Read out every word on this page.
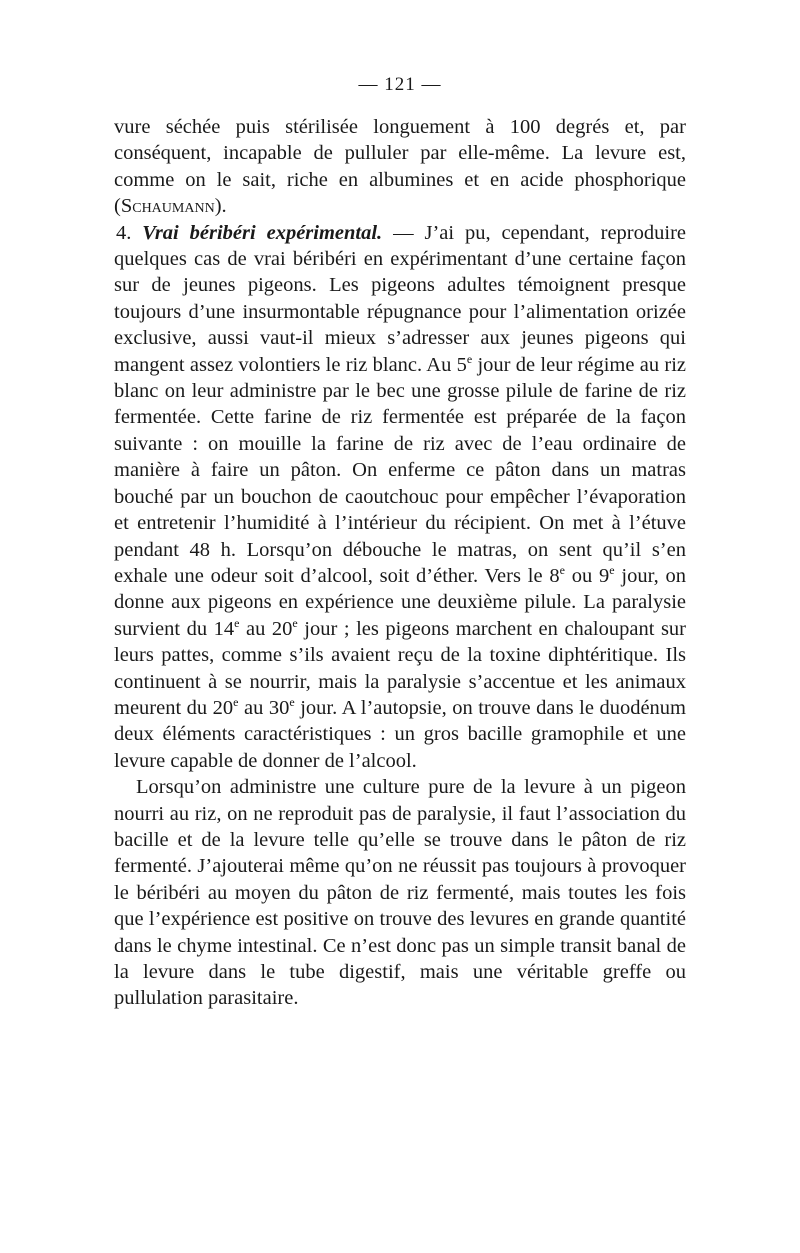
— 121 —

vure séchée puis stérilisée longuement à 100 degrés et, par conséquent, incapable de pulluler par elle-même. La levure est, comme on le sait, riche en albumines et en acide phosphorique (Schaumann).

4. Vrai béribéri expérimental. — J’ai pu, cependant, reproduire quelques cas de vrai béribéri en expérimentant d’une certaine façon sur de jeunes pigeons. Les pigeons adultes témoignent presque toujours d’une insurmontable répugnance pour l’alimentation orizée exclusive, aussi vaut-il mieux s’adresser aux jeunes pigeons qui mangent assez volontiers le riz blanc. Au 5e jour de leur régime au riz blanc on leur administre par le bec une grosse pilule de farine de riz fermentée. Cette farine de riz fermentée est préparée de la façon suivante : on mouille la farine de riz avec de l’eau ordinaire de manière à faire un pâton. On enferme ce pâton dans un matras bouché par un bouchon de caoutchouc pour empêcher l’évaporation et entretenir l’humidité à l’intérieur du récipient. On met à l’étuve pendant 48 h. Lorsqu’on débouche le matras, on sent qu’il s’en exhale une odeur soit d’alcool, soit d’éther. Vers le 8e ou 9e jour, on donne aux pigeons en expérience une deuxième pilule. La paralysie survient du 14e au 20e jour ; les pigeons marchent en chaloupant sur leurs pattes, comme s’ils avaient reçu de la toxine diphtéritique. Ils continuent à se nourrir, mais la paralysie s’accentue et les animaux meurent du 20e au 30e jour. A l’autopsie, on trouve dans le duodénum deux éléments caractéristiques : un gros bacille gramophile et une levure capable de donner de l’alcool.

Lorsqu’on administre une culture pure de la levure à un pigeon nourri au riz, on ne reproduit pas de paralysie, il faut l’association du bacille et de la levure telle qu’elle se trouve dans le pâton de riz fermenté. J’ajouterai même qu’on ne réussit pas toujours à provoquer le béribéri au moyen du pâton de riz fermenté, mais toutes les fois que l’expérience est positive on trouve des levures en grande quantité dans le chyme intestinal. Ce n’est donc pas un simple transit banal de la levure dans le tube digestif, mais une véritable greffe ou pullulation parasitaire.
